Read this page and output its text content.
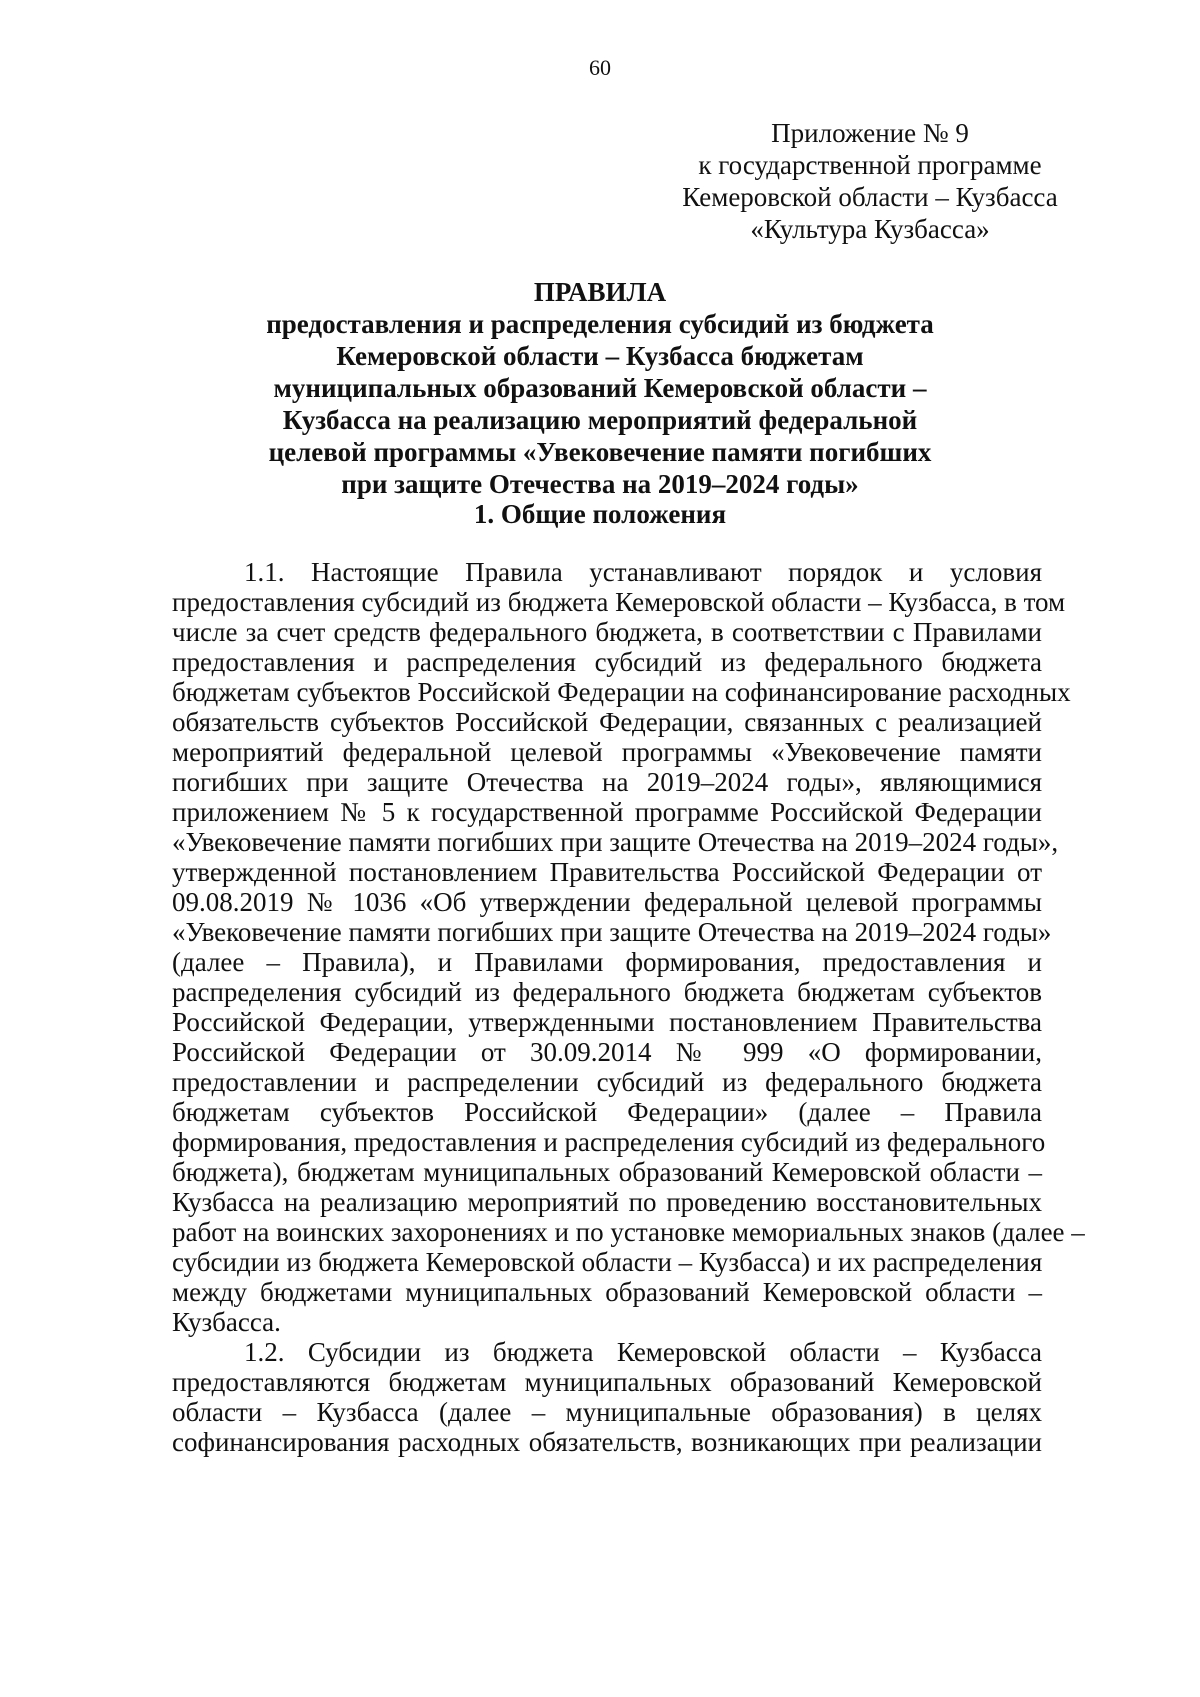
60
Приложение № 9
к государственной программе
Кемеровской области – Кузбасса
«Культура Кузбасса»
ПРАВИЛА
предоставления и распределения субсидий из бюджета
Кемеровской области – Кузбасса бюджетам
муниципальных образований Кемеровской области –
Кузбасса на реализацию мероприятий федеральной
целевой программы «Увековечение памяти погибших
при защите Отечества на 2019–2024 годы»
1. Общие положения
1.1. Настоящие Правила устанавливают порядок и условия
предоставления субсидий из бюджета Кемеровской области – Кузбасса, в том
числе за счет средств федерального бюджета, в соответствии с Правилами
предоставления и распределения субсидий из федерального бюджета
бюджетам субъектов Российской Федерации на софинансирование расходных
обязательств субъектов Российской Федерации, связанных с реализацией
мероприятий федеральной целевой программы «Увековечение памяти
погибших при защите Отечества на 2019–2024 годы», являющимися
приложением № 5 к государственной программе Российской Федерации
«Увековечение памяти погибших при защите Отечества на 2019–2024 годы»,
утвержденной постановлением Правительства Российской Федерации от
09.08.2019 № 1036 «Об утверждении федеральной целевой программы
«Увековечение памяти погибших при защите Отечества на 2019–2024 годы»
(далее – Правила), и Правилами формирования, предоставления и
распределения субсидий из федерального бюджета бюджетам субъектов
Российской Федерации, утвержденными постановлением Правительства
Российской Федерации от 30.09.2014 № 999 «О формировании,
предоставлении и распределении субсидий из федерального бюджета
бюджетам субъектов Российской Федерации» (далее – Правила
формирования, предоставления и распределения субсидий из федерального
бюджета), бюджетам муниципальных образований Кемеровской области –
Кузбасса на реализацию мероприятий по проведению восстановительных
работ на воинских захоронениях и по установке мемориальных знаков (далее –
субсидии из бюджета Кемеровской области – Кузбасса) и их распределения
между бюджетами муниципальных образований Кемеровской области –
Кузбасса.
1.2. Субсидии из бюджета Кемеровской области – Кузбасса
предоставляются бюджетам муниципальных образований Кемеровской
области – Кузбасса (далее – муниципальные образования) в целях
софинансирования расходных обязательств, возникающих при реализации
